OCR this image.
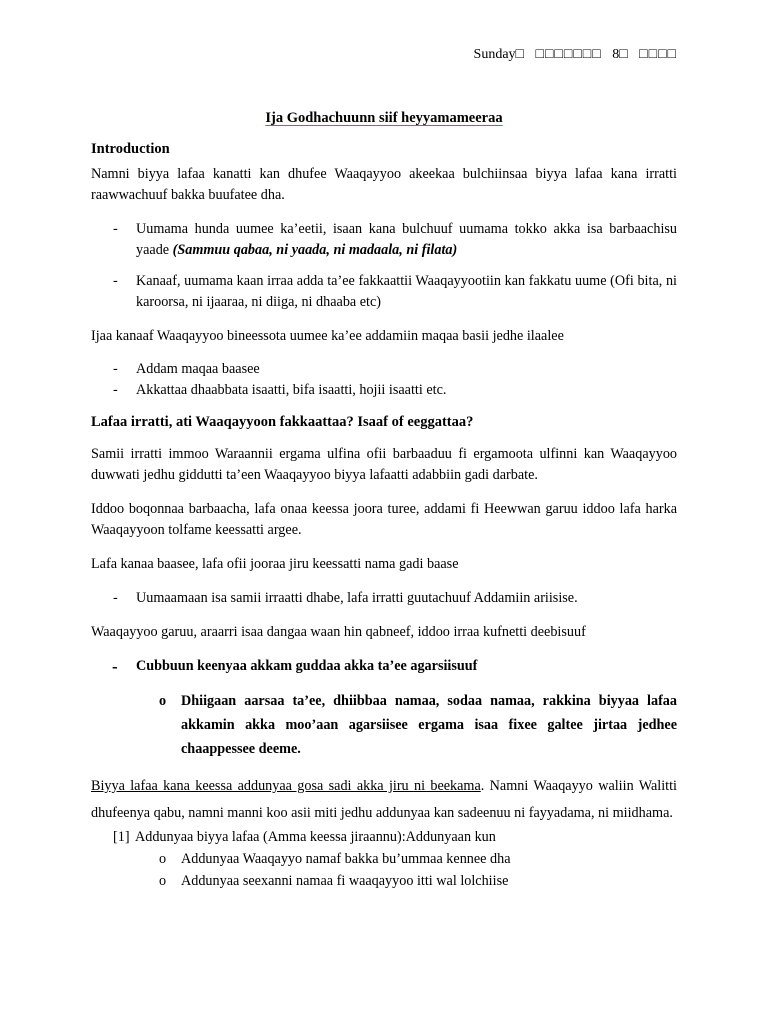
Sunday□ □□□□□□□ 8□ □□□□
Ija Godhachuunn siif heyyamameeraa
Introduction

Namni biyya lafaa kanatti kan dhufee Waaqayyoo akeekaa bulchiinsaa biyya lafaa kana irratti raawwachuuf bakka buufatee dha.

- Uumama hunda uumee ka’eetii, isaan kana bulchuuf uumama tokko akka isa barbaachisu yaade (Sammuu qabaa, ni yaada, ni madaala, ni filata)
- Kanaaf, uumama kaan irraa adda ta’ee fakkaattii Waaqayyootiin kan fakkatu uume (Ofi bita, ni karoorsa, ni ijaaraa, ni diiga, ni dhaaba etc)

Ijaa kanaaf Waaqayyoo bineessota uumee ka’ee addamiin maqaa basii jedhe ilaalee

- Addam maqaa baasee
- Akkattaa dhaabbata isaatti, bifa isaatti, hojii isaatti etc.
Lafaa irratti, ati Waaqayyoon fakkaattaa? Isaaf of eeggattaa?

Samii irratti immoo Waraannii ergama ulfina ofii barbaaduu fi ergamoota ulfinni kan Waaqayyoo duwwati jedhu giddutti ta’een Waaqayyoo biyya lafaatti adabbiin gadi darbate.

Iddoo boqonnaa barbaacha, lafa onaa keessa joora turee, addami fi Heewwan garuu iddoo lafa harka Waaqayyoon tolfame keessatti argee.

Lafa kanaa baasee, lafa ofii jooraa jiru keessatti nama gadi baase

- Uumaamaan isa samii irraatti dhabe, lafa irratti guutachuuf Addamiin ariisise.

Waaqayyoo garuu, araarri isaa dangaa waan hin qabneef, iddoo irraa kufnetti deebisuuf

- Cubbuun keenyaa akkam guddaa akka ta’ee agarsiisuuf
o Dhiigaan aarsaa ta’ee, dhiibbaa namaa, sodaa namaa, rakkina biyyaa lafaa akkamin akka moo’aan agarsiisee ergama isaa fixee galtee jirtaa jedhee chaappessee deeme.

Biyya lafaa kana keessa addunyaa gosa sadi akka jiru ni beekama. Namni Waaqayyo waliin Walitti dhufeenya qabu, namni manni koo asii miti jedhu addunyaa kan sadeenuu ni fayyadama, ni miidhama.

[1] Addunyaa biyya lafaa (Amma keessa jiraannu):Addunyaan kun
o Addunyaa Waaqayyo namaf bakka bu’ummaa kennee dha
o Addunyaa seexanni namaa fi waaqayyoo itti wal lolchiise
